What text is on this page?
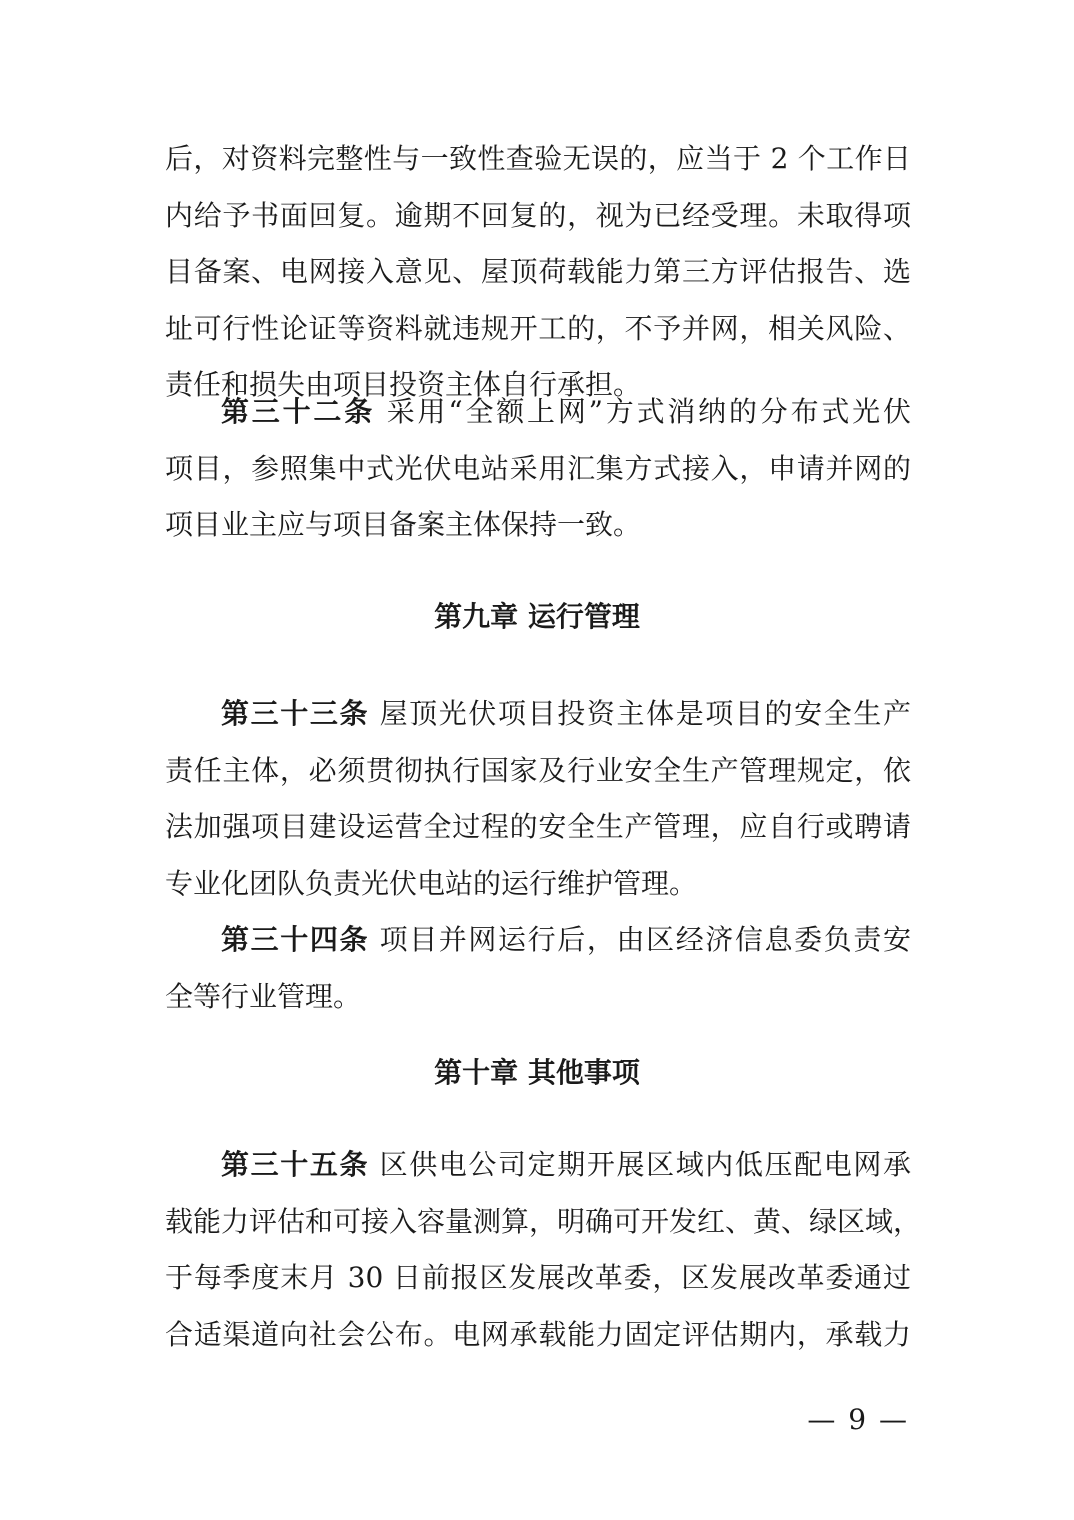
后，对资料完整性与一致性查验无误的，应当于 2 个工作日
内给予书面回复。逾期不回复的，视为已经受理。未取得项
目备案、电网接入意见、屋顶荷载能力第三方评估报告、选
址可行性论证等资料就违规开工的，不予并网，相关风险、
责任和损失由项目投资主体自行承担。
第三十二条 采用“全额上网”方式消纳的分布式光伏
项目，参照集中式光伏电站采用汇集方式接入，申请并网的
项目业主应与项目备案主体保持一致。
第九章 运行管理
第三十三条 屋顶光伏项目投资主体是项目的安全生产
责任主体，必须贯彻执行国家及行业安全生产管理规定，依
法加强项目建设运营全过程的安全生产管理，应自行或聘请
专业化团队负责光伏电站的运行维护管理。
第三十四条 项目并网运行后，由区经济信息委负责安
全等行业管理。
第十章 其他事项
第三十五条 区供电公司定期开展区域内低压配电网承
载能力评估和可接入容量测算，明确可开发红、黄、绿区域，
于每季度末月 30 日前报区发展改革委，区发展改革委通过
合适渠道向社会公布。电网承载能力固定评估期内，承载力
— 9 —
